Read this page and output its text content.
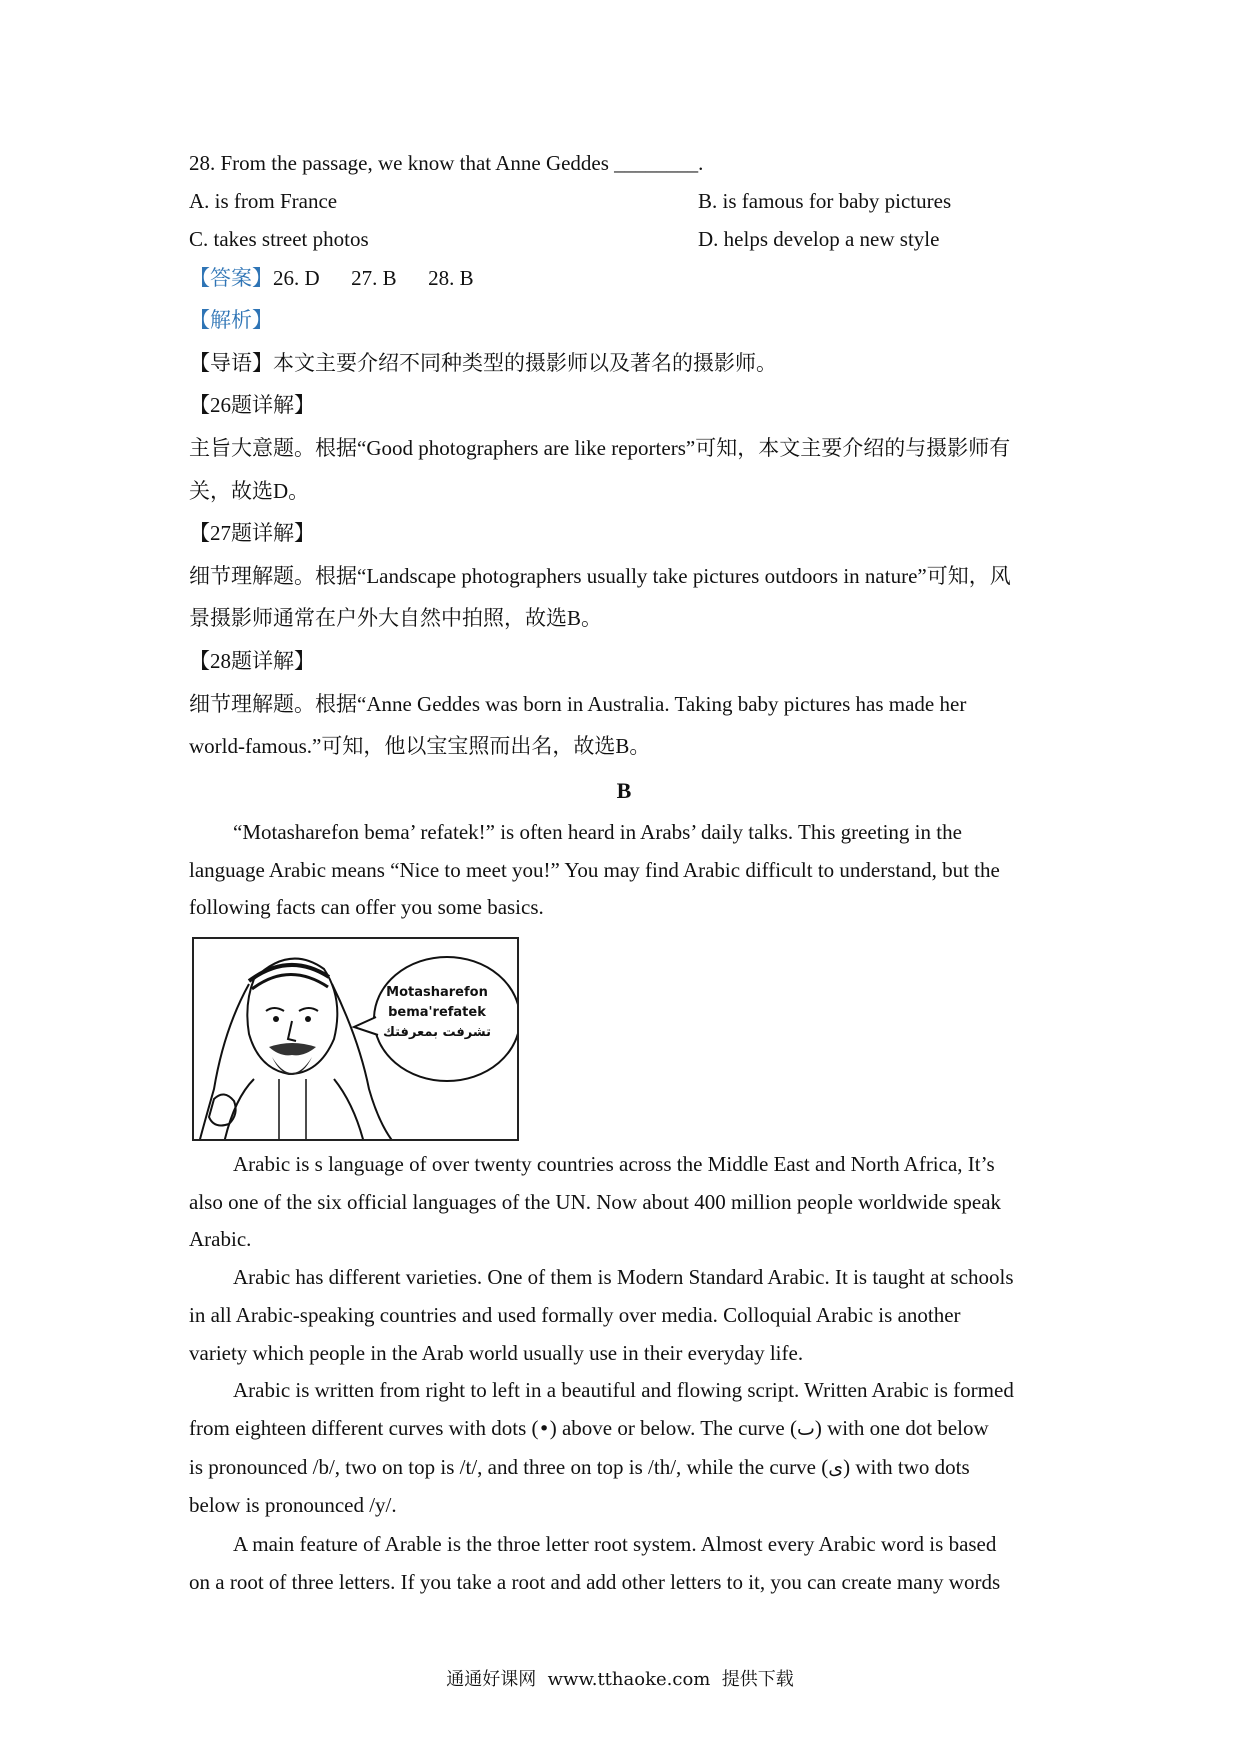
28. From the passage, we know that Anne Geddes ________.
A. is from France	B. is famous for baby pictures
C. takes street photos	D. helps develop a new style
【答案】26. D      27. B      28. B
【解析】
【导语】本文主要介绍不同种类型的摄影师以及著名的摄影师。
【26题详解】
主旨大意题。根据“Good photographers are like reporters”可知，本文主要介绍的与摄影师有
关，故选D。
【27题详解】
细节理解题。根据“Landscape photographers usually take pictures outdoors in nature”可知，风
景摄影师通常在户外大自然中拍照，故选B。
【28题详解】
细节理解题。根据“Anne Geddes was born in Australia. Taking baby pictures has made her
world-famous.”可知，他以宝宝照而出名，故选B。
B
“Motasharefon bema’ refatek!” is often heard in Arabs’ daily talks. This greeting in the
language Arabic means “Nice to meet you!” You may find Arabic difficult to understand, but the
following facts can offer you some basics.
Motasharefon
bema'refatek
تشرفت بمعرفتك
Arabic is s language of over twenty countries across the Middle East and North Africa, It’s
also one of the six official languages of the UN. Now about 400 million people worldwide speak
Arabic.
Arabic has different varieties. One of them is Modern Standard Arabic. It is taught at schools
in all Arabic-speaking countries and used formally over media. Colloquial Arabic is another
variety which people in the Arab world usually use in their everyday life.
Arabic is written from right to left in a beautiful and flowing script. Written Arabic is formed
from eighteen different curves with dots (•) above or below. The curve (ٮ) with one dot below
is pronounced /b/, two on top is /t/, and three on top is /th/, while the curve (ى) with two dots
below is pronounced /y/.
A main feature of Arable is the throe letter root system. Almost every Arabic word is based
on a root of three letters. If you take a root and add other letters to it, you can create many words
通通好课网  www.tthaoke.com  提供下载
